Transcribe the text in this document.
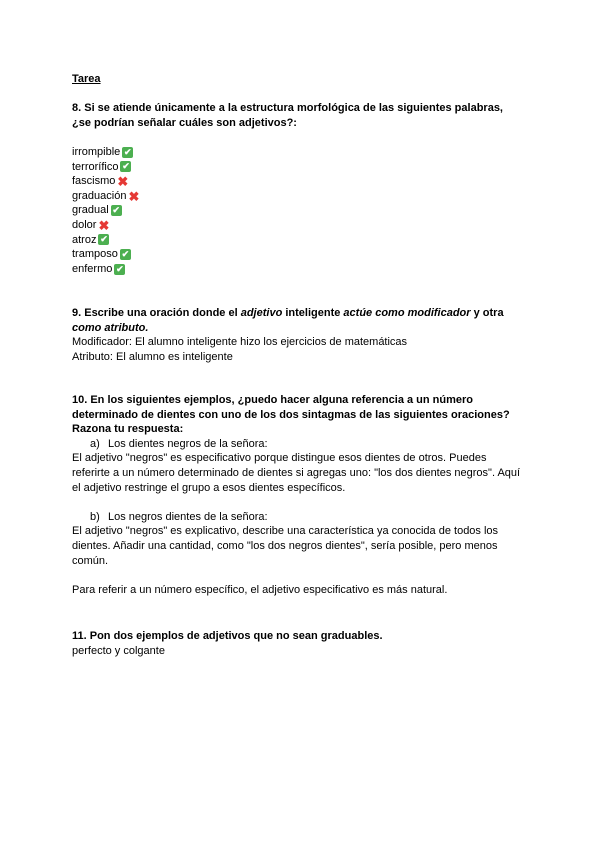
Tarea
8. Si se atiende únicamente a la estructura morfológica de las siguientes palabras,
¿se podrían señalar cuáles son adjetivos?:
irrompible ✔
terrorífico ✔
fascismo ✖
graduación ✖
gradual ✔
dolor ✖
atroz ✔
tramposo ✔
enfermo ✔
9. Escribe una oración donde el adjetivo inteligente actúe como modificador y otra
como atributo.
Modificador: El alumno inteligente hizo los ejercicios de matemáticas
Atributo: El alumno es inteligente
10. En los siguientes ejemplos, ¿puedo hacer alguna referencia a un número
determinado de dientes con uno de los dos sintagmas de las siguientes oraciones?
Razona tu respuesta:
a) Los dientes negros de la señora:
El adjetivo "negros" es especificativo porque distingue esos dientes de otros. Puedes
referirte a un número determinado de dientes si agregas uno: "los dos dientes negros". Aquí
el adjetivo restringe el grupo a esos dientes específicos.
b) Los negros dientes de la señora:
El adjetivo "negros" es explicativo, describe una característica ya conocida de todos los
dientes. Añadir una cantidad, como "los dos negros dientes", sería posible, pero menos
común.
Para referir a un número específico, el adjetivo especificativo es más natural.
11. Pon dos ejemplos de adjetivos que no sean graduables.
perfecto y colgante
